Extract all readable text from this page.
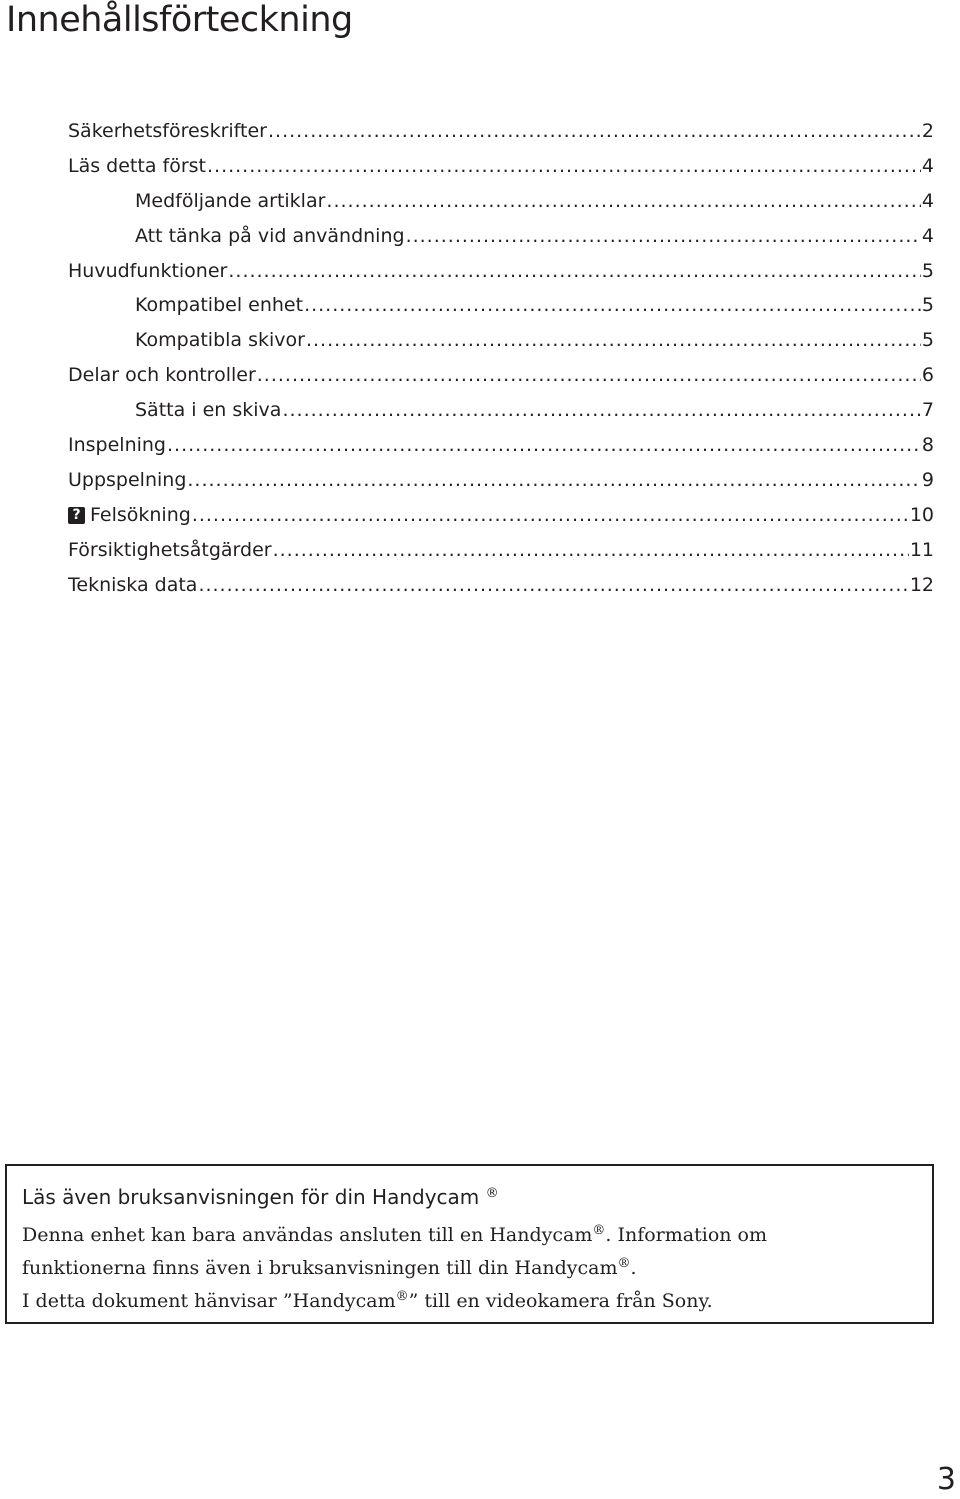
Innehållsförteckning
Säkerhetsföreskrifter .....	2
Läs detta först .....	4
Medföljande artiklar .....	4
Att tänka på vid användning .....	4
Huvudfunktioner .....	5
Kompatibel enhet .....	5
Kompatibla skivor .....	5
Delar och kontroller .....	6
Sätta i en skiva .....	7
Inspelning .....	8
Uppspelning .....	9
? Felsökning .....	10
Försiktighetsåtgärder .....	11
Tekniska data .....	12
Läs även bruksanvisningen för din Handycam ®

Denna enhet kan bara användas ansluten till en Handycam®. Information om
funktionerna finns även i bruksanvisningen till din Handycam®.
I detta dokument hänvisar ”Handycam®” till en videokamera från Sony.

3
